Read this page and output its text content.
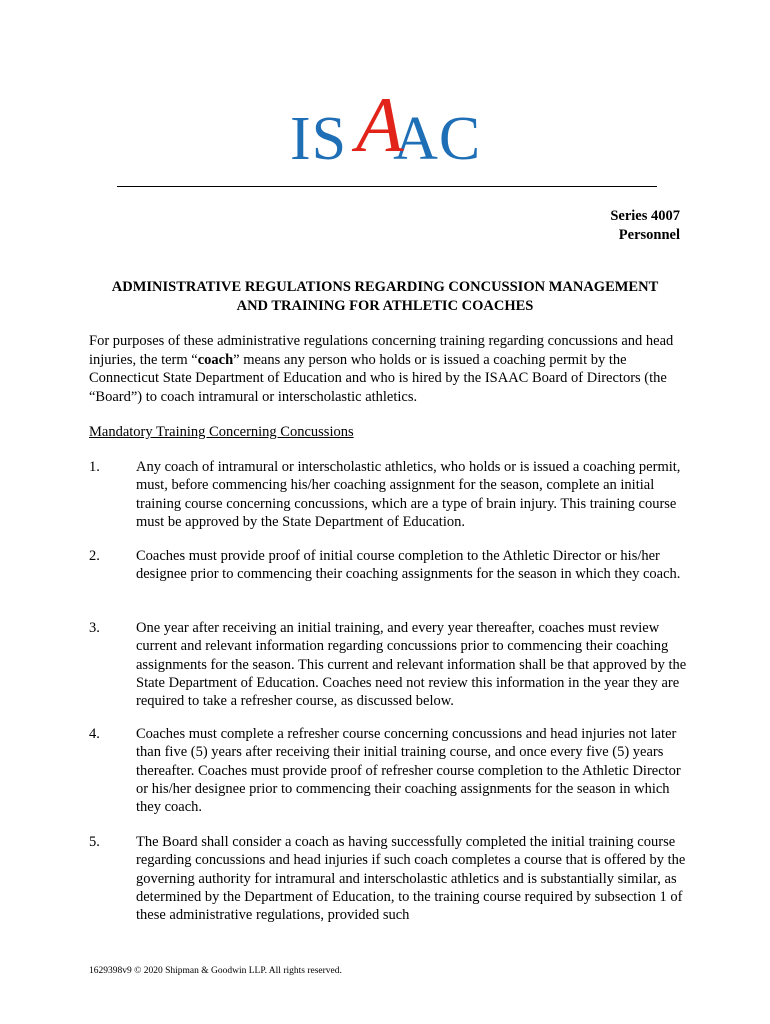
IS AC
A
Series 4007
Personnel
ADMINISTRATIVE REGULATIONS REGARDING CONCUSSION MANAGEMENT
AND TRAINING FOR ATHLETIC COACHES
For purposes of these administrative regulations concerning training regarding concussions and head injuries, the term “coach” means any person who holds or is issued a coaching permit by the Connecticut State Department of Education and who is hired by the ISAAC Board of Directors (the “Board”) to coach intramural or interscholastic athletics.
Mandatory Training Concerning Concussions
1. Any coach of intramural or interscholastic athletics, who holds or is issued a coaching permit, must, before commencing his/her coaching assignment for the season, complete an initial training course concerning concussions, which are a type of brain injury. This training course must be approved by the State Department of Education.
2. Coaches must provide proof of initial course completion to the Athletic Director or his/her designee prior to commencing their coaching assignments for the season in which they coach.
3. One year after receiving an initial training, and every year thereafter, coaches must review current and relevant information regarding concussions prior to commencing their coaching assignments for the season. This current and relevant information shall be that approved by the State Department of Education. Coaches need not review this information in the year they are required to take a refresher course, as discussed below.
4. Coaches must complete a refresher course concerning concussions and head injuries not later than five (5) years after receiving their initial training course, and once every five (5) years thereafter. Coaches must provide proof of refresher course completion to the Athletic Director or his/her designee prior to commencing their coaching assignments for the season in which they coach.
5. The Board shall consider a coach as having successfully completed the initial training course regarding concussions and head injuries if such coach completes a course that is offered by the governing authority for intramural and interscholastic athletics and is substantially similar, as determined by the Department of Education, to the training course required by subsection 1 of these administrative regulations, provided such
1629398v9 © 2020 Shipman & Goodwin LLP. All rights reserved.
